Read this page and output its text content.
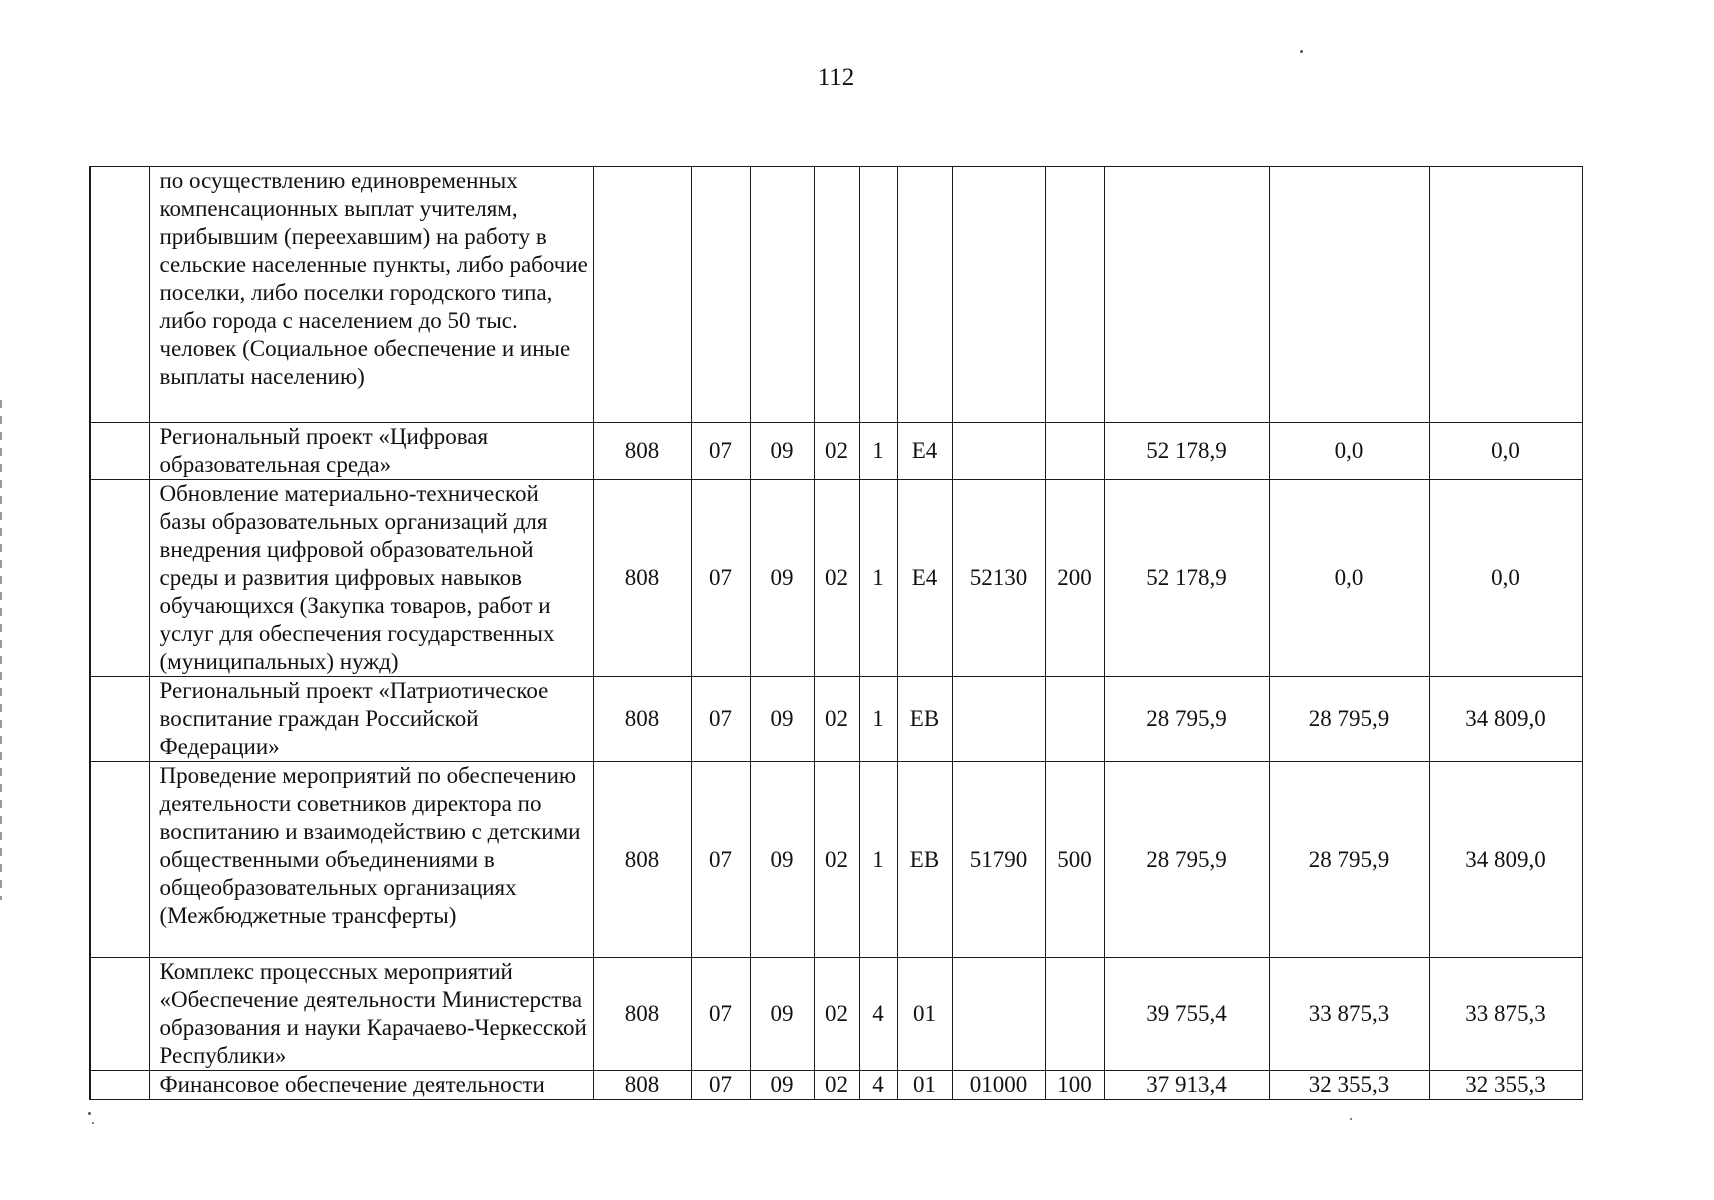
112
	по осуществлению единовременных компенсационных выплат учителям, прибывшим (переехавшим) на работу в сельские населенные пункты, либо рабочие поселки, либо поселки городского типа, либо города с населением до 50 тыс. человек (Социальное обеспечение и иные выплаты населению)											
	Региональный проект «Цифровая образовательная среда»	808	07	09	02	1	E4			52 178,9	0,0	0,0
	Обновление материально-технической базы образовательных организаций для внедрения цифровой образовательной среды и развития цифровых навыков обучающихся (Закупка товаров, работ и услуг для обеспечения государственных (муниципальных) нужд)	808	07	09	02	1	E4	52130	200	52 178,9	0,0	0,0
	Региональный проект «Патриотическое воспитание граждан Российской Федерации»	808	07	09	02	1	EB			28 795,9	28 795,9	34 809,0
	Проведение мероприятий по обеспечению деятельности советников директора по воспитанию и взаимодействию с детскими общественными объединениями в общеобразовательных организациях (Межбюджетные трансферты)	808	07	09	02	1	EB	51790	500	28 795,9	28 795,9	34 809,0
	Комплекс процессных мероприятий «Обеспечение деятельности Министерства образования и науки Карачаево-Черкесской Республики»	808	07	09	02	4	01			39 755,4	33 875,3	33 875,3
	Финансовое обеспечение деятельности	808	07	09	02	4	01	01000	100	37 913,4	32 355,3	32 355,3
